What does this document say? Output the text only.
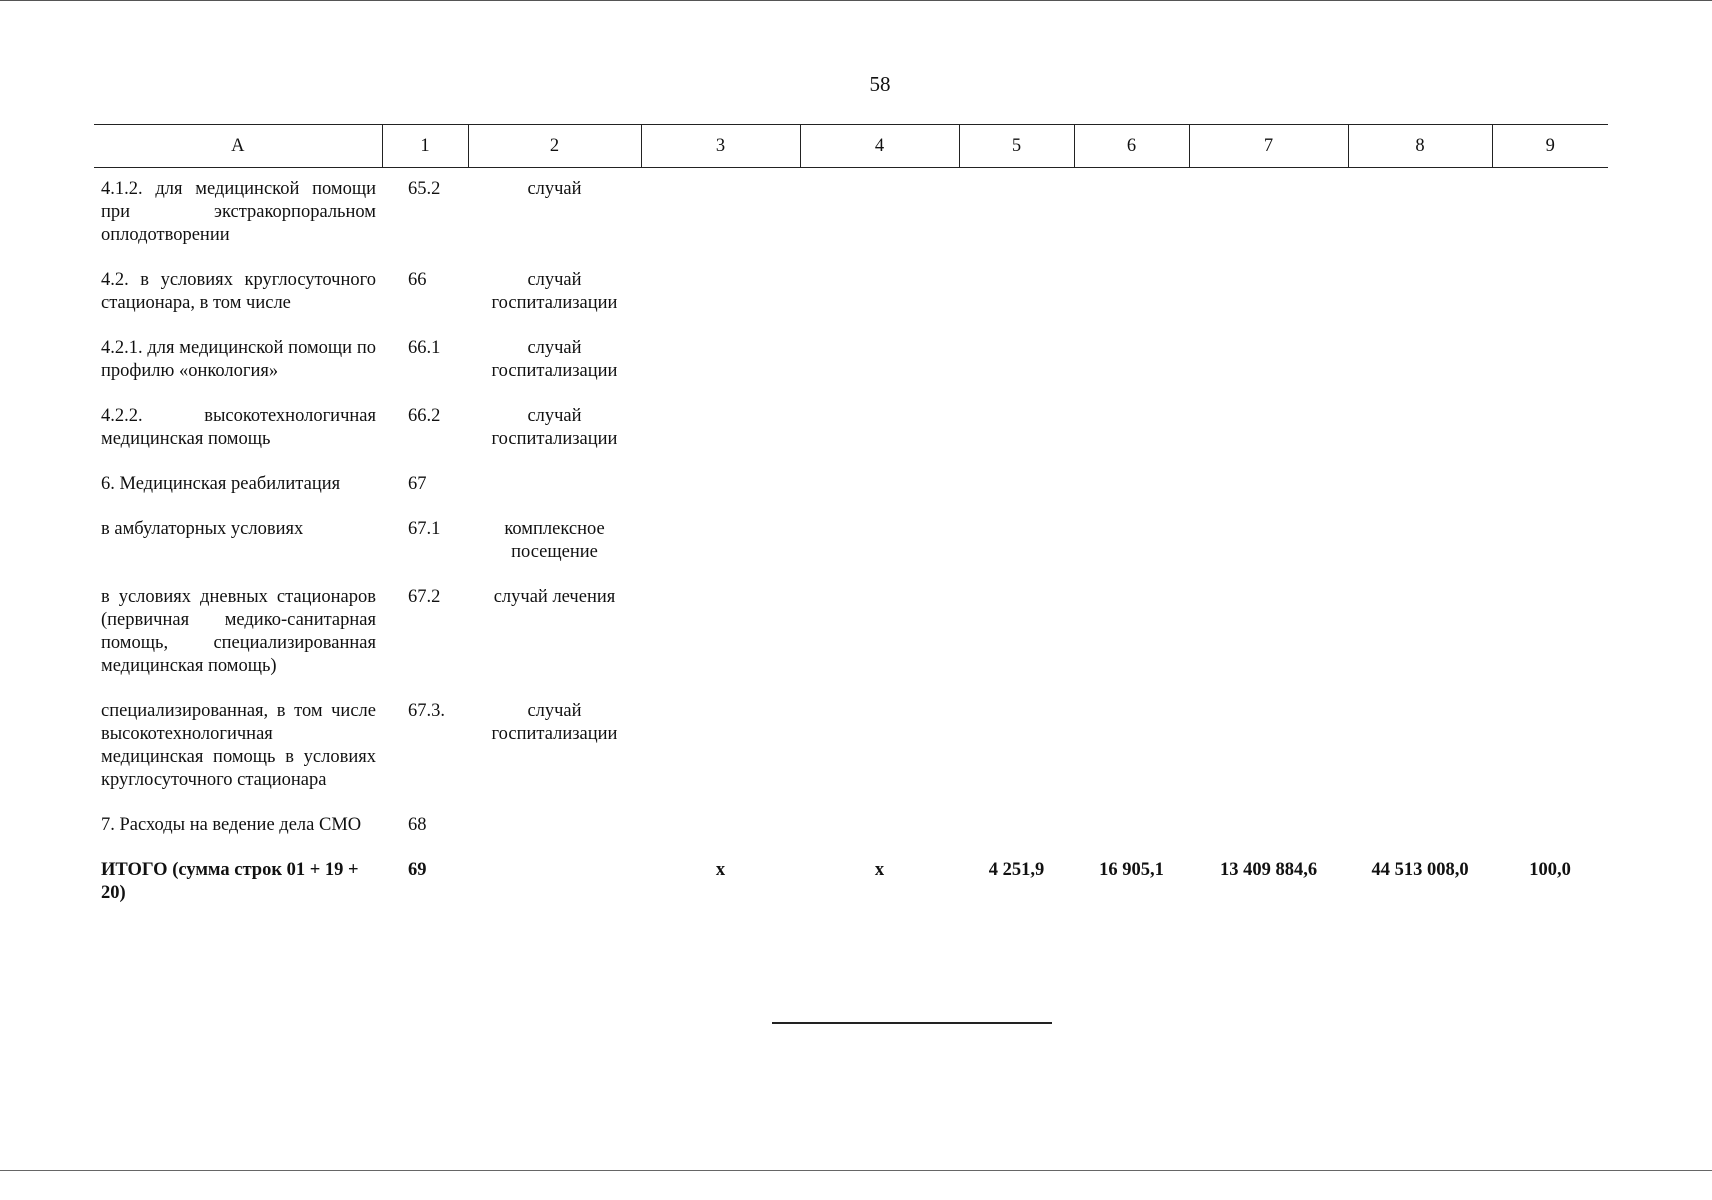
58
А	1	2	3	4	5	6	7	8	9
4.1.2. для медицинской помощи при экстракорпоральном оплодотворении	65.2	случай							
4.2. в условиях круглосуточного стационара, в том числе	66	случай госпитализации							
4.2.1. для медицинской помощи по профилю «онкология»	66.1	случай госпитализации							
4.2.2. высокотехнологичная медицинская помощь	66.2	случай госпитализации							
6. Медицинская реабилитация	67								
в амбулаторных условиях	67.1	комплексное посещение							
в условиях дневных стационаров (первичная медико-санитарная помощь, специализированная медицинская помощь)	67.2	случай лечения							
специализированная, в том числе высокотехнологичная медицинская помощь в условиях круглосуточного стационара	67.3.	случай госпитализации							
7. Расходы на ведение дела СМО	68								
ИТОГО (сумма строк 01 + 19 + 20)	69		х	х	4 251,9	16 905,1	13 409 884,6	44 513 008,0	100,0
